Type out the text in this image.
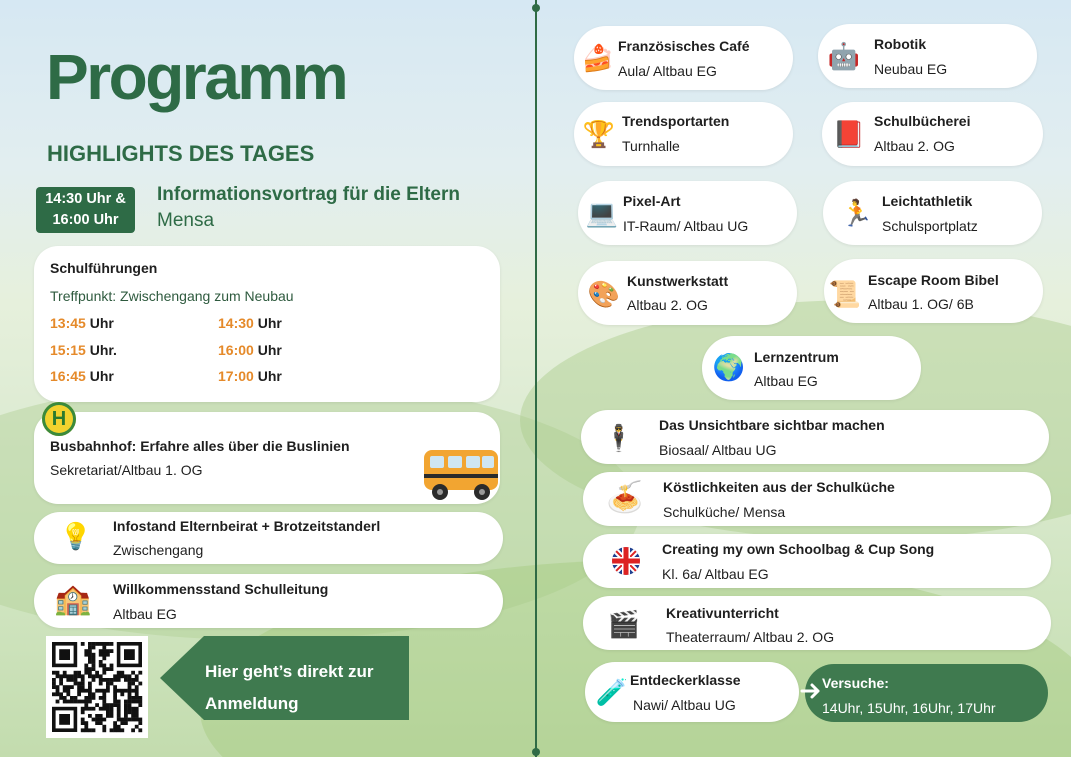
Programm
HIGHLIGHTS DES TAGES
14:30 Uhr &
16:00 Uhr
Informationsvortrag für die Eltern
Mensa
Schulführungen
Treffpunkt: Zwischengang zum Neubau
13:45 Uhr	14:30 Uhr
15:15 Uhr.	16:00 Uhr
16:45 Uhr	17:00 Uhr
H
Busbahnhof: Erfahre alles über die Buslinien
Sekretariat/Altbau 1. OG
💡 Infostand Elternbeirat + Brotzeitstanderl
Zwischengang
🏫	Willkommensstand Schulleitung
Altbau EG
Hier geht’s direkt zur
Anmeldung
🍰 Französisches Café
Aula/ Altbau EG	🤖 Robotik
Neubau EG
🏆 Trendsportarten
Turnhalle	📕 Schulbücherei
Altbau 2. OG
💻 Pixel-Art
IT-Raum/ Altbau UG	🏃 Leichtathletik
Schulsportplatz
🎨 Kunstwerkstatt
Altbau 2. OG	📜 Escape Room Bibel
Altbau 1. OG/ 6B
🌍 Lernzentrum
Altbau EG
🕴 Das Unsichtbare sichtbar machen
Biosaal/ Altbau UG
🍝	Köstlichkeiten aus der Schulküche
Schulküche/ Mensa
Creating my own Schoolbag & Cup Song
Kl. 6a/ Altbau EG
🎬 Kreativunterricht
Theaterraum/ Altbau 2. OG
🧪 Entdeckerklasse
Nawi/ Altbau UG
Versuche:
14Uhr, 15Uhr, 16Uhr, 17Uhr
